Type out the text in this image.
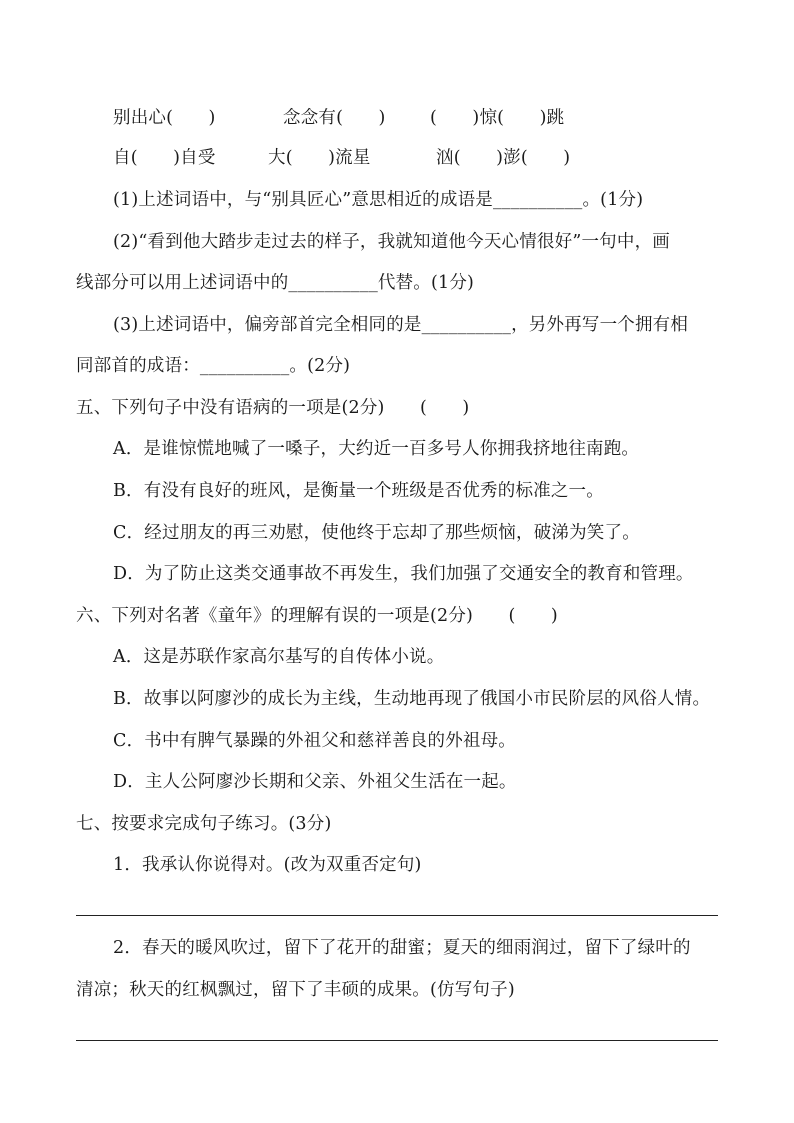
别出心(　　)	念念有(　　)	(　　)惊(　　)跳
自(　　)自受	大(　　)流星	汹(　　)澎(　　)
(1)上述词语中，与“别具匠心”意思相近的成语是__________。(1分)
(2)“看到他大踏步走过去的样子，我就知道他今天心情很好”一句中，画
线部分可以用上述词语中的__________代替。(1分)
(3)上述词语中，偏旁部首完全相同的是__________，另外再写一个拥有相
同部首的成语：__________。(2分)
五、下列句子中没有语病的一项是(2分)　　(　　)
A．是谁惊慌地喊了一嗓子，大约近一百多号人你拥我挤地往南跑。
B．有没有良好的班风，是衡量一个班级是否优秀的标准之一。
C．经过朋友的再三劝慰，使他终于忘却了那些烦恼，破涕为笑了。
D．为了防止这类交通事故不再发生，我们加强了交通安全的教育和管理。
六、下列对名著《童年》的理解有误的一项是(2分)　　(　　)
A．这是苏联作家高尔基写的自传体小说。
B．故事以阿廖沙的成长为主线，生动地再现了俄国小市民阶层的风俗人情。
C．书中有脾气暴躁的外祖父和慈祥善良的外祖母。
D．主人公阿廖沙长期和父亲、外祖父生活在一起。
七、按要求完成句子练习。(3分)
1．我承认你说得对。(改为双重否定句)
2．春天的暖风吹过，留下了花开的甜蜜；夏天的细雨润过，留下了绿叶的
清凉；秋天的红枫飘过，留下了丰硕的成果。(仿写句子)
